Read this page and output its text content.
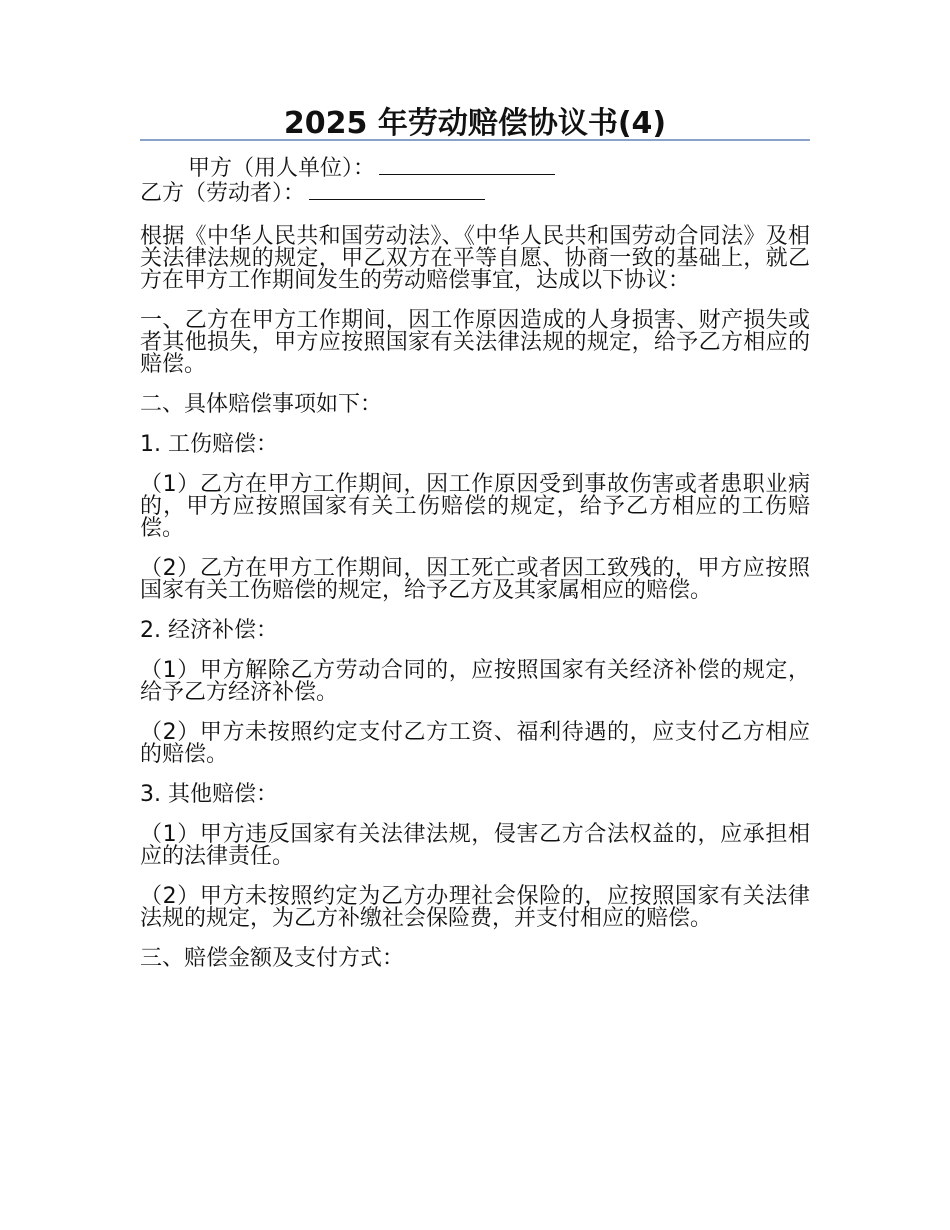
2025 年劳动赔偿协议书(4)

甲方（用人单位）：

乙方（劳动者）：

根据《中华人民共和国劳动法》、《中华人民共和国劳动合同法》及相关法律法规的规定，甲乙双方在平等自愿、协商一致的基础上，就乙方在甲方工作期间发生的劳动赔偿事宜，达成以下协议：

一、乙方在甲方工作期间，因工作原因造成的人身损害、财产损失或者其他损失，甲方应按照国家有关法律法规的规定，给予乙方相应的赔偿。

二、具体赔偿事项如下：

1. 工伤赔偿：

（1）乙方在甲方工作期间，因工作原因受到事故伤害或者患职业病的，甲方应按照国家有关工伤赔偿的规定，给予乙方相应的工伤赔偿。

（2）乙方在甲方工作期间，因工死亡或者因工致残的，甲方应按照国家有关工伤赔偿的规定，给予乙方及其家属相应的赔偿。

2. 经济补偿：

（1）甲方解除乙方劳动合同的，应按照国家有关经济补偿的规定，给予乙方经济补偿。

（2）甲方未按照约定支付乙方工资、福利待遇的，应支付乙方相应的赔偿。

3. 其他赔偿：

（1）甲方违反国家有关法律法规，侵害乙方合法权益的，应承担相应的法律责任。

（2）甲方未按照约定为乙方办理社会保险的，应按照国家有关法律法规的规定，为乙方补缴社会保险费，并支付相应的赔偿。

三、赔偿金额及支付方式：
